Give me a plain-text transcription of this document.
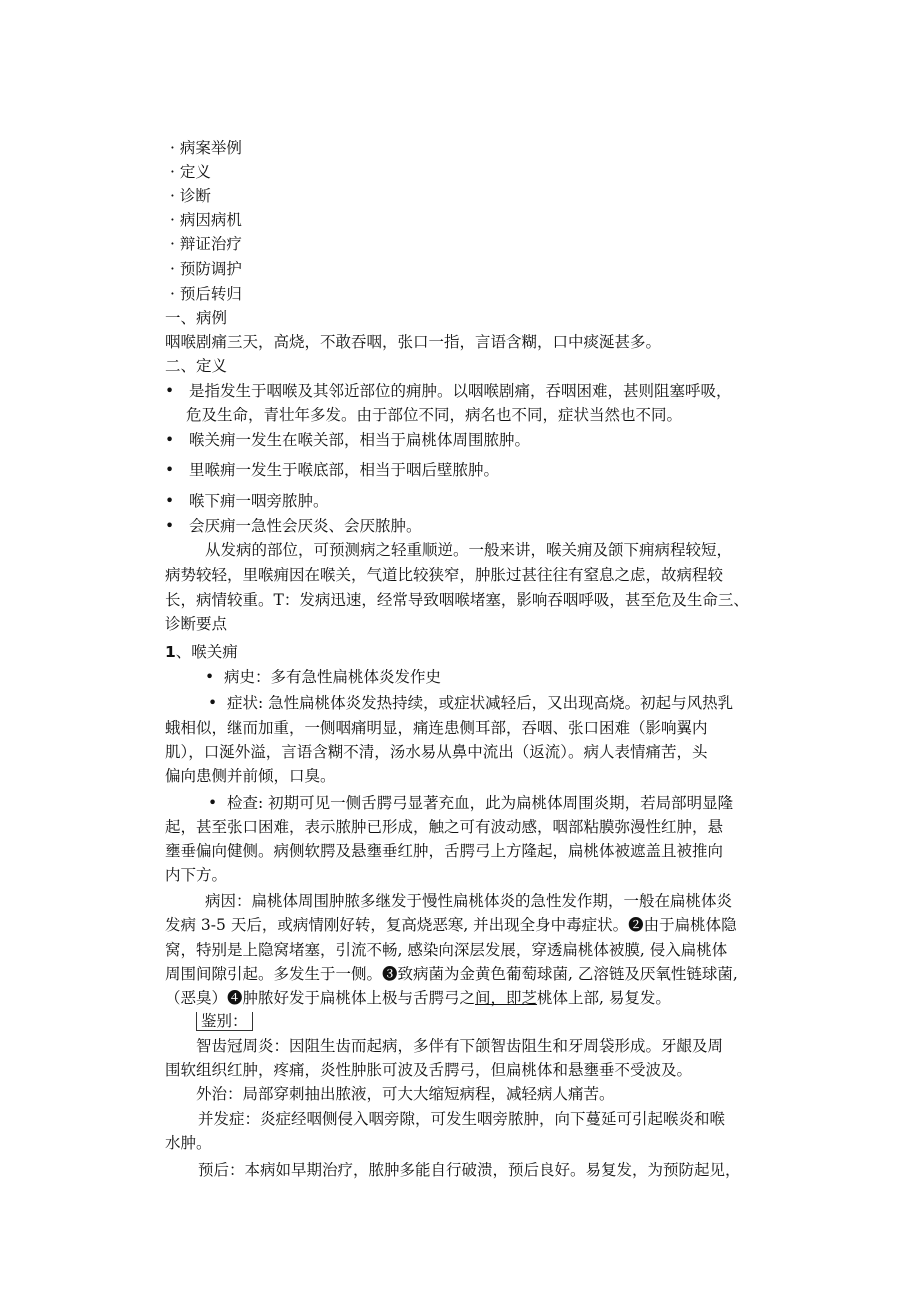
· 病案举例
· 定义
· 诊断
· 病因病机
· 辩证治疗
· 预防调护
· 预后转归
一、病例
咽喉剧痛三天，高烧，不敢吞咽，张口一指，言语含糊，口中痰涎甚多。
二、定义
• 是指发生于咽喉及其邻近部位的痈肿。以咽喉剧痛，吞咽困难，甚则阻塞呼吸，
危及生命，青壮年多发。由于部位不同，病名也不同，症状当然也不同。
• 喉关痈一发生在喉关部，相当于扁桃体周围脓肿。
• 里喉痈一发生于喉底部，相当于咽后壁脓肿。
• 喉下痈一咽旁脓肿。
• 会厌痈一急性会厌炎、会厌脓肿。
从发病的部位，可预测病之轻重顺逆。一般来讲，喉关痈及颌下痈病程较短，
病势较轻，里喉痈因在喉关，气道比较狭窄，肿胀过甚往往有窒息之虑，故病程较
长，病情较重。T：发病迅速，经常导致咽喉堵塞，影响吞咽呼吸，甚至危及生命三、
诊断要点
1、喉关痈
• 病史：多有急性扁桃体炎发作史
• 症状: 急性扁桃体炎发热持续，或症状减轻后，又出现高烧。初起与风热乳
蛾相似，继而加重，一侧咽痛明显，痛连患侧耳部，吞咽、张口困难（影响翼内
肌），口涎外溢，言语含糊不清，汤水易从鼻中流出（返流）。病人表情痛苦，头
偏向患侧并前倾，口臭。
• 检查: 初期可见一侧舌腭弓显著充血，此为扁桃体周围炎期，若局部明显隆
起，甚至张口困难，表示脓肿已形成，触之可有波动感，咽部粘膜弥漫性红肿，悬
壅垂偏向健侧。病侧软腭及悬壅垂红肿，舌腭弓上方隆起，扁桃体被遮盖且被推向
内下方。
病因：扁桃体周围肿脓多继发于慢性扁桃体炎的急性发作期，一般在扁桃体炎
发病 3-5 天后，或病情刚好转，复高烧恶寒, 并出现全身中毒症状。❷由于扁桃体隐
窝，特别是上隐窝堵塞，引流不畅, 感染向深层发展，穿透扁桃体被膜, 侵入扁桃体
周围间隙引起。多发生于一侧。❸致病菌为金黄色葡萄球菌, 乙溶链及厌氧性链球菌,
（恶臭）❹肿脓好发于扁桃体上极与舌腭弓之间，即芝桃体上部, 易复发。
鉴别：
智齿冠周炎：因阻生齿而起病，多伴有下颌智齿阻生和牙周袋形成。牙龈及周
围软组织红肿，疼痛，炎性肿胀可波及舌腭弓，但扁桃体和悬壅垂不受波及。
外治：局部穿刺抽出脓液，可大大缩短病程，减轻病人痛苦。
并发症：炎症经咽侧侵入咽旁隙，可发生咽旁脓肿，向下蔓延可引起喉炎和喉
水肿。
预后：本病如早期治疗，脓肿多能自行破溃，预后良好。易复发，为预防起见，
